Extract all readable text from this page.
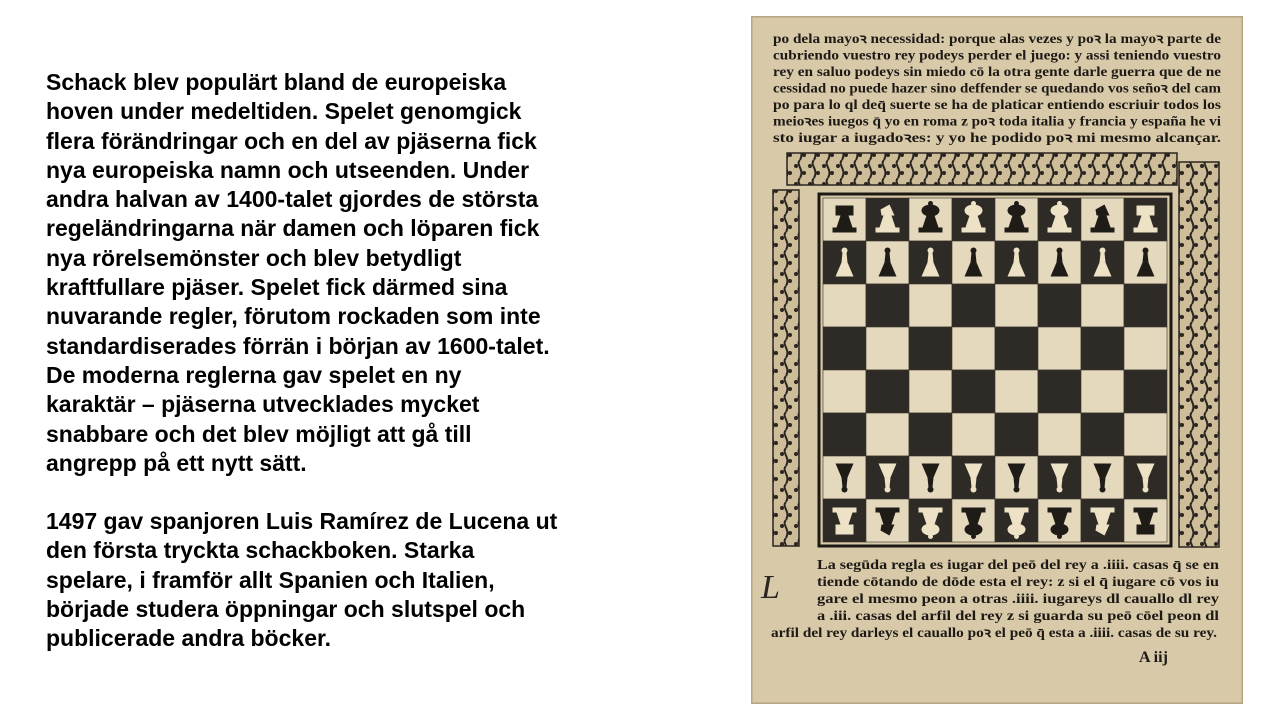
Schack blev populärt bland de europeiska
hoven under medeltiden. Spelet genomgick
flera förändringar och en del av pjäserna fick
nya europeiska namn och utseenden. Under
andra halvan av 1400-talet gjordes de största
regeländringarna när damen och löparen fick
nya rörelsemönster och blev betydligt
kraftfullare pjäser. Spelet fick därmed sina
nuvarande regler, förutom rockaden som inte
standardiserades förrän i början av 1600-talet.
De moderna reglerna gav spelet en ny
karaktär – pjäserna utvecklades mycket
snabbare och det blev möjligt att gå till
angrepp på ett nytt sätt.

1497 gav spanjoren Luis Ramírez de Lucena ut
den första tryckta schackboken. Starka
spelare, i framför allt Spanien och Italien,
började studera öppningar och slutspel och
publicerade andra böcker.

po dela mayoꝛ necessidad: porque alas vezes y poꝛ la mayoꝛ parte de
cubriendo vuestro rey podeys perder el juego: y assi teniendo vuestro
rey en saluo podeys sin miedo cō la otra gente darle guerra que de ne
cessidad no puede hazer sino deffender se quedando vos señoꝛ del cam
po para lo ql deq̄ suerte se ha de platicar entiendo escriuir todos los
meioꝛes iuegos q̄ yo en roma z poꝛ toda italia y francia y españa he vi
sto iugar a iugadoꝛes: y yo he podido poꝛ mi mesmo alcançar.
L
La segūda regla es iugar del peō del rey a .iiii. casas q̄ se en
tiende cōtando de dōde esta el rey: z si el q̄ iugare cō vos iu
gare el mesmo peon a otras .iiii. iugareys dl cauallo dl rey
a .iii. casas del arfil del rey z si guarda su peō cōel peon dl
arfil del rey darleys el cauallo poꝛ el peō q̄ esta a .iiii. casas de su rey.
A iij
